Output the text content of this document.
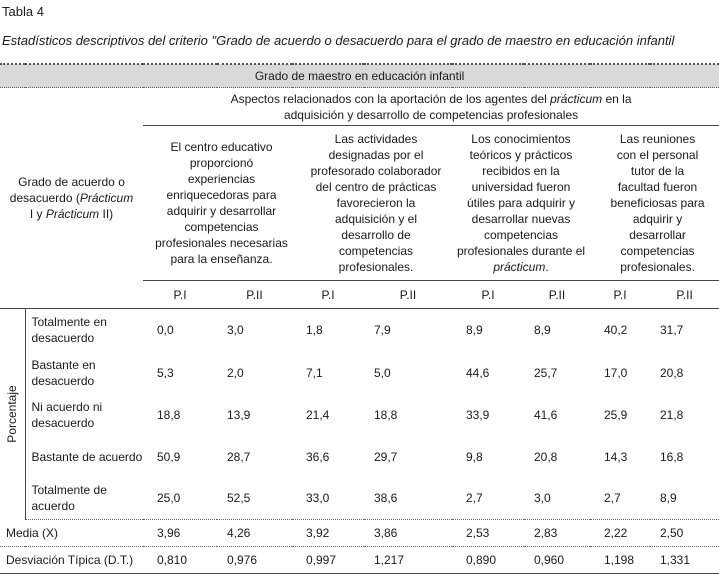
Tabla 4
Estadísticos descriptivos del criterio "Grado de acuerdo o desacuerdo para el grado de maestro en educación infantil
Grado de maestro en educación infantil									
Grado de acuerdo o desacuerdo (Prácticum I y Prácticum II)		Aspectos relacionados con la aportación de los agentes del prácticum en la adquisición y desarrollo de competencias profesionales							
		El centro educativo proporcionó experiencias enriquecedoras para adquirir y desarrollar competencias profesionales necesarias para la enseñanza.		Las actividades designadas por el profesorado colaborador del centro de prácticas favorecieron la adquisición y el desarrollo de competencias profesionales.		Los conocimientos teóricos y prácticos recibidos en la universidad fueron útiles para adquirir y desarrollar nuevas competencias profesionales durante el prácticum.		Las reuniones con el personal tutor de la facultad fueron beneficiosas para adquirir y desarrollar competencias profesionales.	
		P.I	P.II	P.I	P.II	P.I	P.II	P.I	P.II

Porcentaje	Totalmente en desacuerdo	0,0	3,0	1,8	7,9	8,9	8,9	40,2	31,7
	Bastante en desacuerdo	5,3	2,0	7,1	5,0	44,6	25,7	17,0	20,8
	Ni acuerdo ni desacuerdo	18,8	13,9	21,4	18,8	33,9	41,6	25,9	21,8
	Bastante de acuerdo	50,9	28,7	36,6	29,7	9,8	20,8	14,3	16,8
	Totalmente de acuerdo	25,0	52,5	33,0	38,6	2,7	3,0	2,7	8,9
Media (X)		3,96	4,26	3,92	3,86	2,53	2,83	2,22	2,50
Desviación Típica (D.T.)		0,810	0,976	0,997	1,217	0,890	0,960	1,198	1,331
